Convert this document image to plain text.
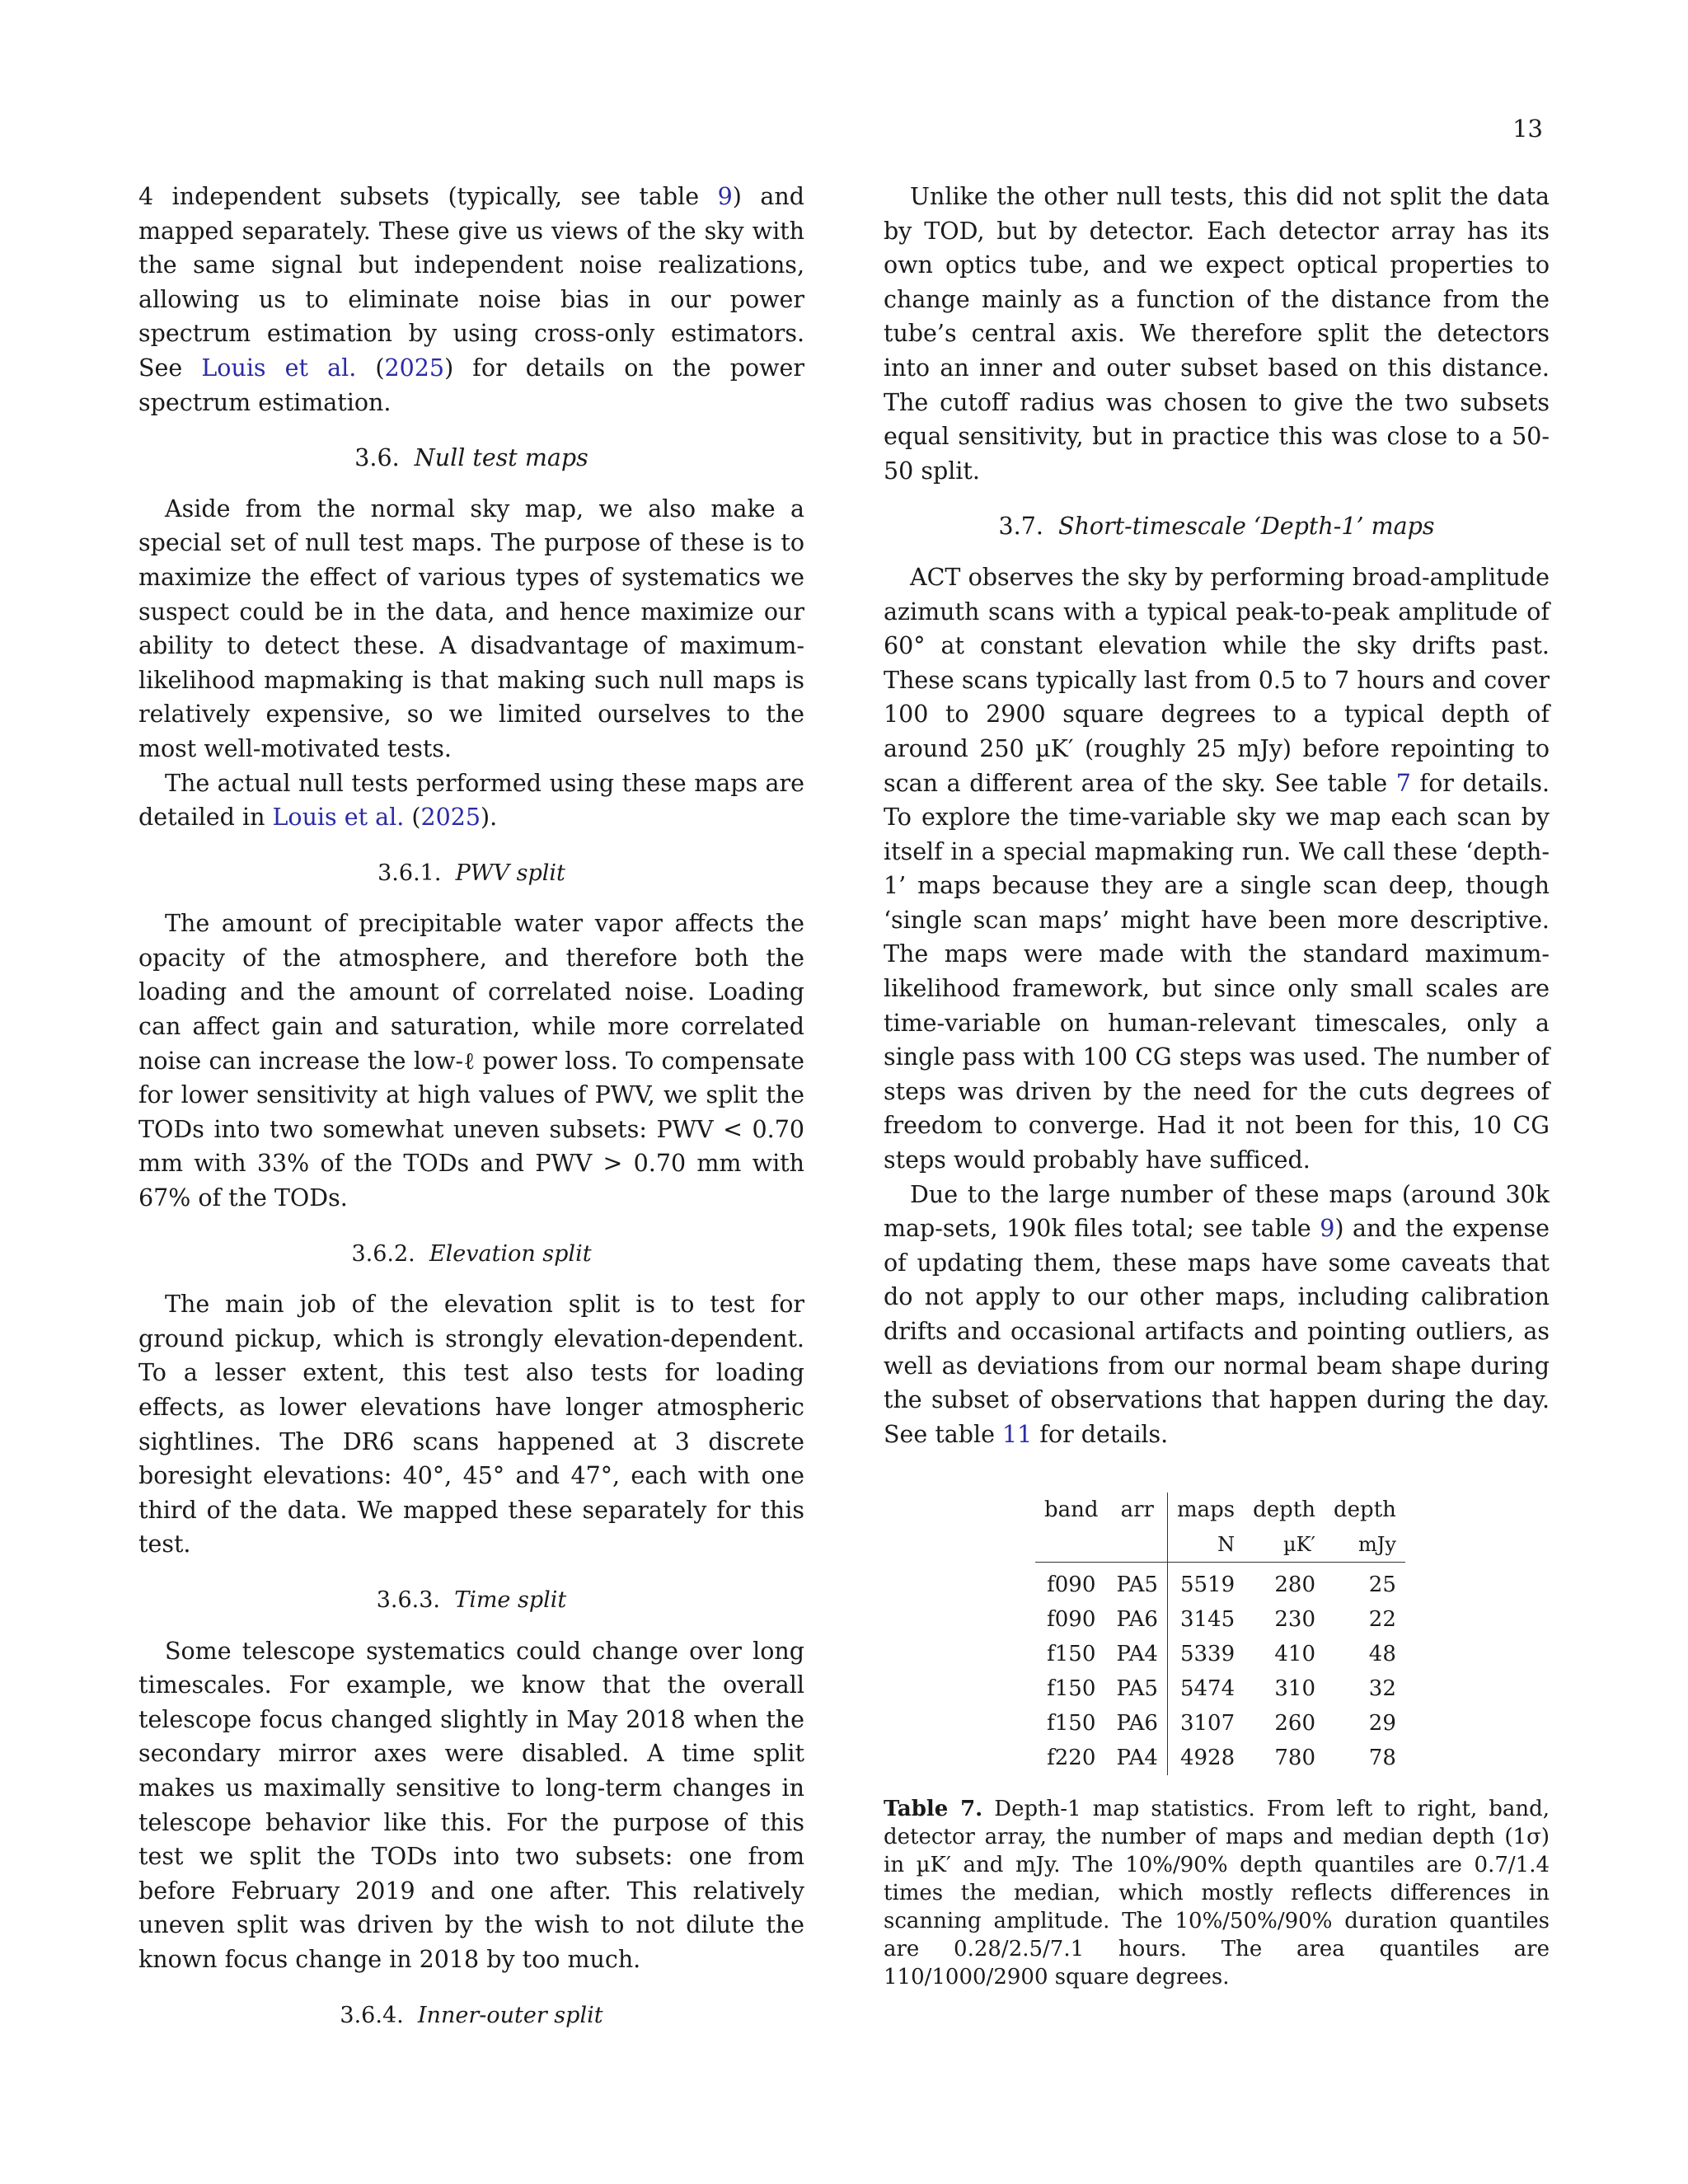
13

4 independent subsets (typically, see table 9) and mapped separately. These give us views of the sky with the same signal but independent noise realizations, allowing us to eliminate noise bias in our power spectrum estimation by using cross-only estimators. See Louis et al. (2025) for details on the power spectrum estimation.

3.6. Null test maps

Aside from the normal sky map, we also make a special set of null test maps. The purpose of these is to maximize the effect of various types of systematics we suspect could be in the data, and hence maximize our ability to detect these. A disadvantage of maximum-likelihood mapmaking is that making such null maps is relatively expensive, so we limited ourselves to the most well-motivated tests.

The actual null tests performed using these maps are detailed in Louis et al. (2025).

3.6.1. PWV split

The amount of precipitable water vapor affects the opacity of the atmosphere, and therefore both the loading and the amount of correlated noise. Loading can affect gain and saturation, while more correlated noise can increase the low-ℓ power loss. To compensate for lower sensitivity at high values of PWV, we split the TODs into two somewhat uneven subsets: PWV < 0.70 mm with 33% of the TODs and PWV > 0.70 mm with 67% of the TODs.

3.6.2. Elevation split

The main job of the elevation split is to test for ground pickup, which is strongly elevation-dependent. To a lesser extent, this test also tests for loading effects, as lower elevations have longer atmospheric sightlines. The DR6 scans happened at 3 discrete boresight elevations: 40°, 45° and 47°, each with one third of the data. We mapped these separately for this test.

3.6.3. Time split

Some telescope systematics could change over long timescales. For example, we know that the overall telescope focus changed slightly in May 2018 when the secondary mirror axes were disabled. A time split makes us maximally sensitive to long-term changes in telescope behavior like this. For the purpose of this test we split the TODs into two subsets: one from before February 2019 and one after. This relatively uneven split was driven by the wish to not dilute the known focus change in 2018 by too much.

3.6.4. Inner-outer split

Unlike the other null tests, this did not split the data by TOD, but by detector. Each detector array has its own optics tube, and we expect optical properties to change mainly as a function of the distance from the tube’s central axis. We therefore split the detectors into an inner and outer subset based on this distance. The cutoff radius was chosen to give the two subsets equal sensitivity, but in practice this was close to a 50-50 split.

3.7. Short-timescale ‘Depth-1’ maps

ACT observes the sky by performing broad-amplitude azimuth scans with a typical peak-to-peak amplitude of 60° at constant elevation while the sky drifts past. These scans typically last from 0.5 to 7 hours and cover 100 to 2900 square degrees to a typical depth of around 250 µK′ (roughly 25 mJy) before repointing to scan a different area of the sky. See table 7 for details. To explore the time-variable sky we map each scan by itself in a special mapmaking run. We call these ‘depth-1’ maps because they are a single scan deep, though ‘single scan maps’ might have been more descriptive. The maps were made with the standard maximum-likelihood framework, but since only small scales are time-variable on human-relevant timescales, only a single pass with 100 CG steps was used. The number of steps was driven by the need for the cuts degrees of freedom to converge. Had it not been for this, 10 CG steps would probably have sufficed.

Due to the large number of these maps (around 30k map-sets, 190k files total; see table 9) and the expense of updating them, these maps have some caveats that do not apply to our other maps, including calibration drifts and occasional artifacts and pointing outliers, as well as deviations from our normal beam shape during the subset of observations that happen during the day. See table 11 for details.

band	arr	maps	depth	depth
		N	µK′	mJy
f090	PA5	5519	280	25
f090	PA6	3145	230	22
f150	PA4	5339	410	48
f150	PA5	5474	310	32
f150	PA6	3107	260	29
f220	PA4	4928	780	78
Table 7. Depth-1 map statistics. From left to right, band, detector array, the number of maps and median depth (1σ) in µK′ and mJy. The 10%/90% depth quantiles are 0.7/1.4 times the median, which mostly reflects differences in scanning amplitude. The 10%/50%/90% duration quantiles are 0.28/2.5/7.1 hours. The area quantiles are 110/1000/2900 square degrees.
